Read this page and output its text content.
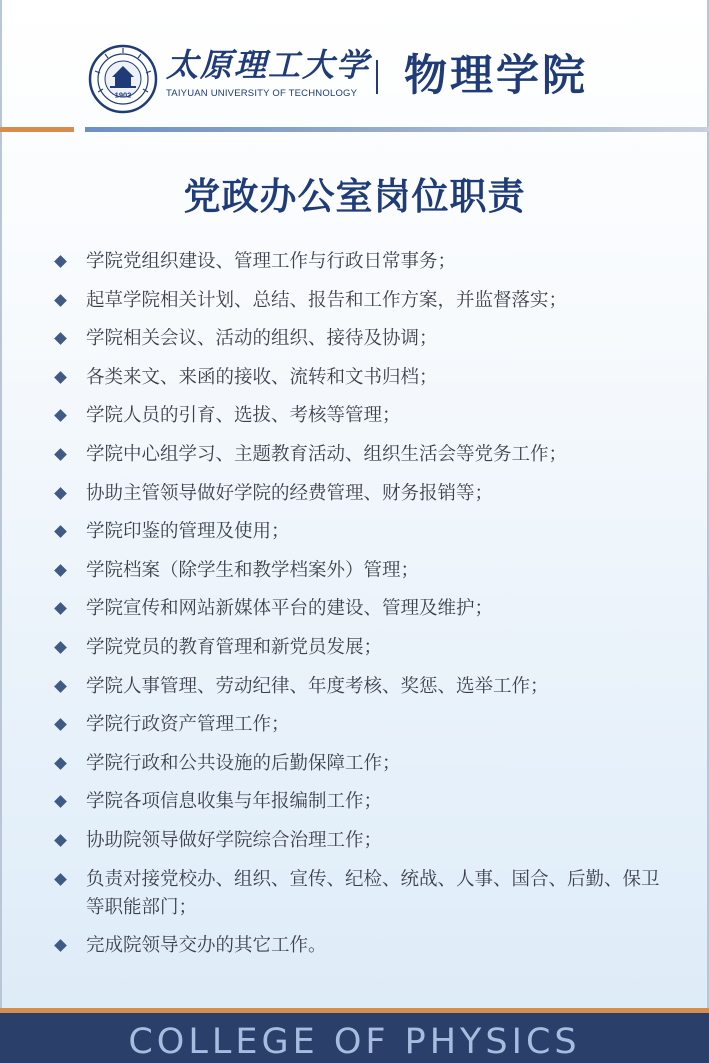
1902
太原理工大学
TAIYUAN UNIVERSITY OF TECHNOLOGY 物理学院
党政办公室岗位职责
学院党组织建设、管理工作与行政日常事务；
起草学院相关计划、总结、报告和工作方案，并监督落实；
学院相关会议、活动的组织、接待及协调；
各类来文、来函的接收、流转和文书归档；
学院人员的引育、选拔、考核等管理；
学院中心组学习、主题教育活动、组织生活会等党务工作；
协助主管领导做好学院的经费管理、财务报销等；
学院印鉴的管理及使用；
学院档案（除学生和教学档案外）管理；
学院宣传和网站新媒体平台的建设、管理及维护；
学院党员的教育管理和新党员发展；
学院人事管理、劳动纪律、年度考核、奖惩、选举工作；
学院行政资产管理工作；
学院行政和公共设施的后勤保障工作；
学院各项信息收集与年报编制工作；
协助院领导做好学院综合治理工作；
负责对接党校办、组织、宣传、纪检、统战、人事、国合、后勤、保卫等职能部门；
完成院领导交办的其它工作。
COLLEGE OF PHYSICS
